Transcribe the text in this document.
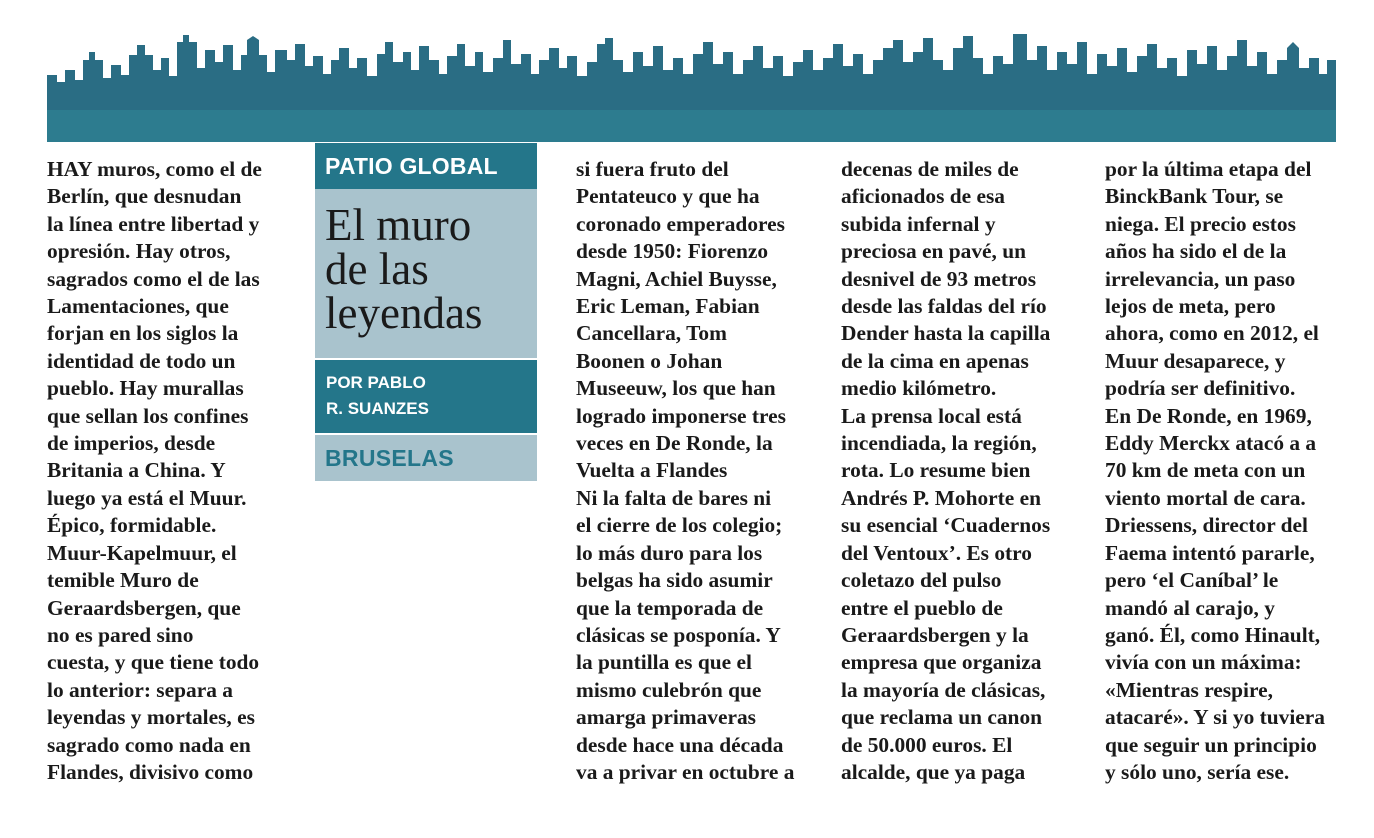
HAY muros, como el de
Berlín, que desnudan
la línea entre libertad y
opresión. Hay otros,
sagrados como el de las
Lamentaciones, que
forjan en los siglos la
identidad de todo un
pueblo. Hay murallas
que sellan los confines
de imperios, desde
Britania a China. Y
luego ya está el Muur.
Épico, formidable.
Muur-Kapelmuur, el
temible Muro de
Geraardsbergen, que
no es pared sino
cuesta, y que tiene todo
lo anterior: separa a
leyendas y mortales, es
sagrado como nada en
Flandes, divisivo como
PATIO GLOBAL
El muro
de las
leyendas
POR PABLO
R. SUANZES
BRUSELAS
si fuera fruto del
Pentateuco y que ha
coronado emperadores
desde 1950: Fiorenzo
Magni, Achiel Buysse,
Eric Leman, Fabian
Cancellara, Tom
Boonen o Johan
Museeuw, los que han
logrado imponerse tres
veces en De Ronde, la
Vuelta a Flandes
Ni la falta de bares ni
el cierre de los colegio;
lo más duro para los
belgas ha sido asumir
que la temporada de
clásicas se posponía. Y
la puntilla es que el
mismo culebrón que
amarga primaveras
desde hace una década
va a privar en octubre a
decenas de miles de
aficionados de esa
subida infernal y
preciosa en pavé, un
desnivel de 93 metros
desde las faldas del río
Dender hasta la capilla
de la cima en apenas
medio kilómetro.
La prensa local está
incendiada, la región,
rota. Lo resume bien
Andrés P. Mohorte en
su esencial ‘Cuadernos
del Ventoux’. Es otro
coletazo del pulso
entre el pueblo de
Geraardsbergen y la
empresa que organiza
la mayoría de clásicas,
que reclama un canon
de 50.000 euros. El
alcalde, que ya paga
por la última etapa del
BinckBank Tour, se
niega. El precio estos
años ha sido el de la
irrelevancia, un paso
lejos de meta, pero
ahora, como en 2012, el
Muur desaparece, y
podría ser definitivo.
En De Ronde, en 1969,
Eddy Merckx atacó a a
70 km de meta con un
viento mortal de cara.
Driessens, director del
Faema intentó pararle,
pero ‘el Caníbal’ le
mandó al carajo, y
ganó. Él, como Hinault,
vivía con un máxima:
«Mientras respire,
atacaré». Y si yo tuviera
que seguir un principio
y sólo uno, sería ese.
